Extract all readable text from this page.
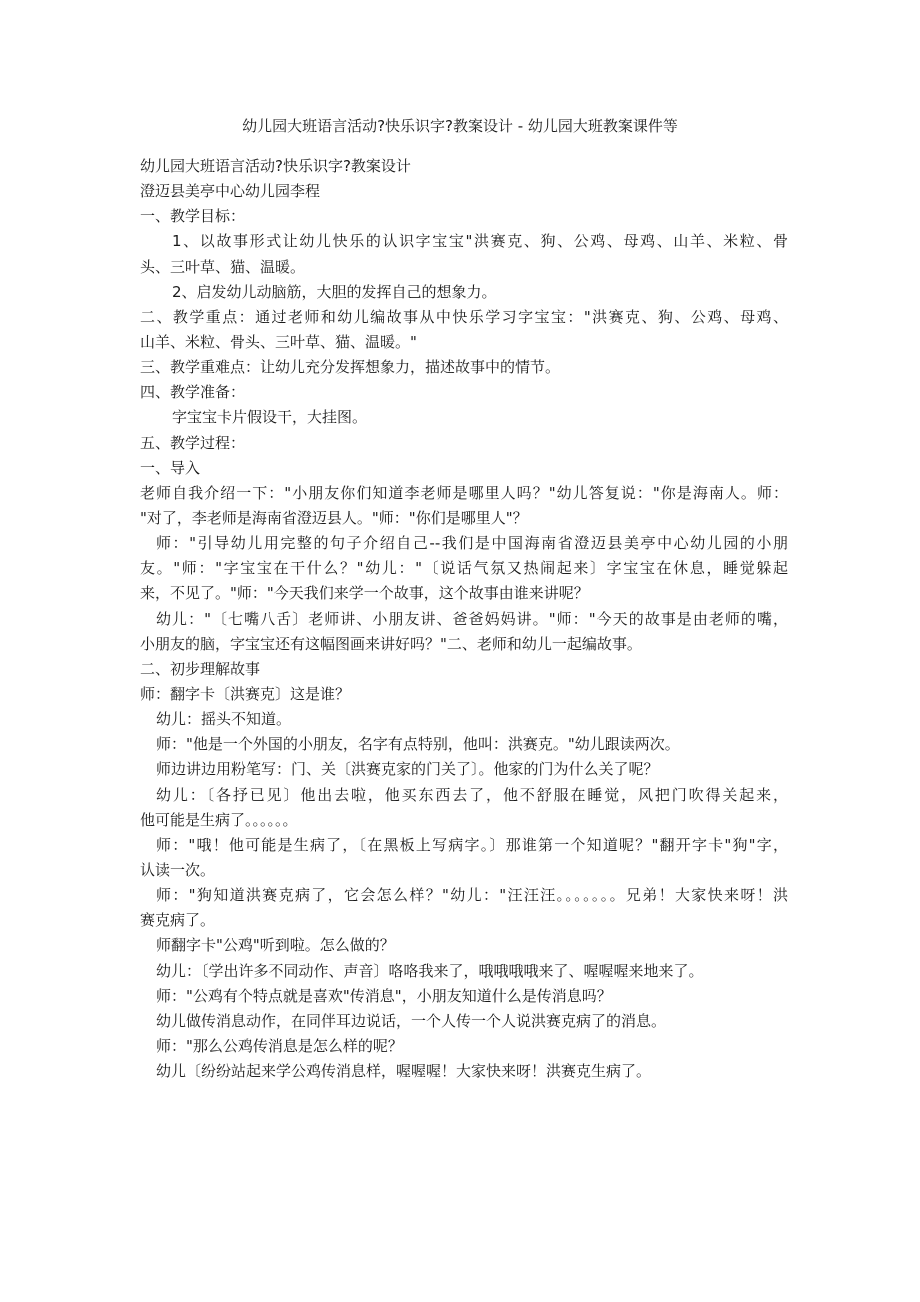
幼儿园大班语言活动?快乐识字?教案设计 - 幼儿园大班教案课件等
幼儿园大班语言活动?快乐识字?教案设计
澄迈县美亭中心幼儿园李程
一、教学目标：
1、以故事形式让幼儿快乐的认识字宝宝"洪赛克、狗、公鸡、母鸡、山羊、米粒、骨
头、三叶草、猫、温暖。
2、启发幼儿动脑筋，大胆的发挥自己的想象力。
二、教学重点：通过老师和幼儿编故事从中快乐学习字宝宝："洪赛克、狗、公鸡、母鸡、
山羊、米粒、骨头、三叶草、猫、温暖。"
三、教学重难点：让幼儿充分发挥想象力，描述故事中的情节。
四、教学准备：
字宝宝卡片假设干，大挂图。
五、教学过程：
一、导入
老师自我介绍一下："小朋友你们知道李老师是哪里人吗？"幼儿答复说："你是海南人。师：
"对了，李老师是海南省澄迈县人。"师："你们是哪里人"？
师："引导幼儿用完整的句子介绍自己--我们是中国海南省澄迈县美亭中心幼儿园的小朋
友。"师："字宝宝在干什么？"幼儿："〔说话气氛又热闹起来〕字宝宝在休息，睡觉躲起
来，不见了。"师："今天我们来学一个故事，这个故事由谁来讲呢？
幼儿："〔七嘴八舌〕老师讲、小朋友讲、爸爸妈妈讲。"师："今天的故事是由老师的嘴，
小朋友的脑，字宝宝还有这幅图画来讲好吗？"二、老师和幼儿一起编故事。
二、初步理解故事
师：翻字卡〔洪赛克〕这是谁？
幼儿：摇头不知道。
师："他是一个外国的小朋友，名字有点特别，他叫：洪赛克。"幼儿跟读两次。
师边讲边用粉笔写：门、关〔洪赛克家的门关了〕。他家的门为什么关了呢？
幼儿：〔各抒已见〕他出去啦，他买东西去了，他不舒服在睡觉，风把门吹得关起来，
他可能是生病了。。。。。。
师："哦！他可能是生病了，〔在黑板上写病字。〕那谁第一个知道呢？"翻开字卡"狗"字，
认读一次。
师："狗知道洪赛克病了，它会怎么样？"幼儿："汪汪汪。。。。。。。兄弟！大家快来呀！洪
赛克病了。
师翻字卡"公鸡"听到啦。怎么做的？
幼儿：〔学出许多不同动作、声音〕咯咯我来了，哦哦哦哦来了、喔喔喔来地来了。
师："公鸡有个特点就是喜欢"传消息"，小朋友知道什么是传消息吗？
幼儿做传消息动作，在同伴耳边说话，一个人传一个人说洪赛克病了的消息。
师："那么公鸡传消息是怎么样的呢？
幼儿〔纷纷站起来学公鸡传消息样，喔喔喔！大家快来呀！洪赛克生病了。
